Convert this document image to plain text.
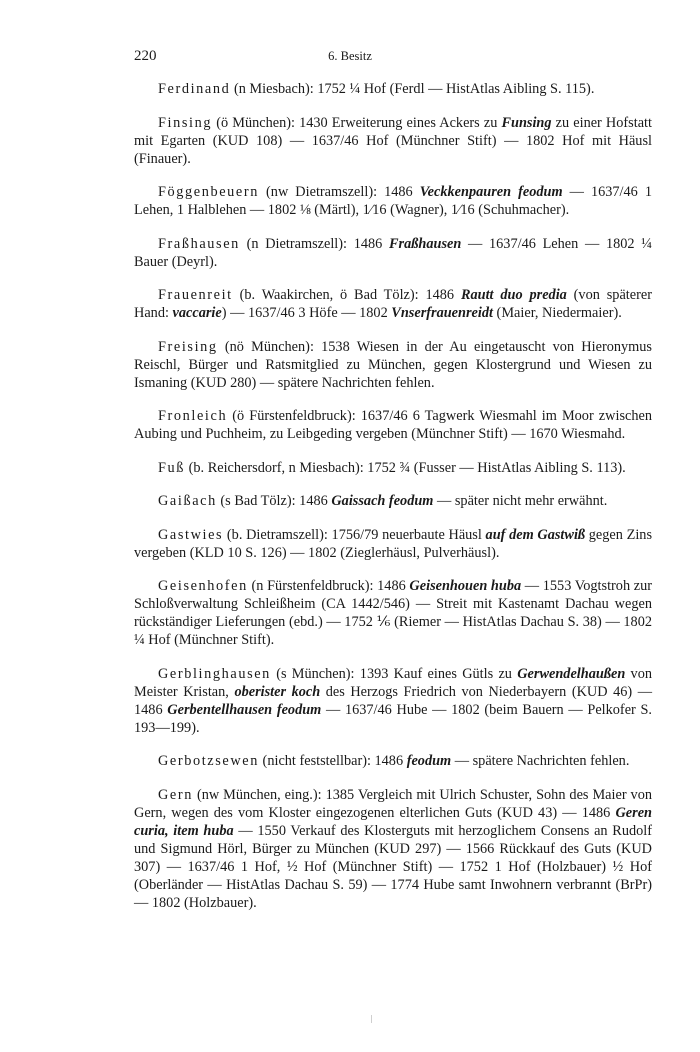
220	6. Besitz

Ferdinand (n Miesbach): 1752 ¼ Hof (Ferdl — HistAtlas Aibling S. 115).

Finsing (ö München): 1430 Erweiterung eines Ackers zu Funsing zu einer Hofstatt mit Egarten (KUD 108) — 1637/46 Hof (Münchner Stift) — 1802 Hof mit Häusl (Finauer).

Föggenbeuern (nw Dietramszell): 1486 Veckkenpauren feodum — 1637/46 1 Lehen, 1 Halblehen — 1802 ⅛ (Märtl), 1⁄16 (Wagner), 1⁄16 (Schuhmacher).

Fraßhausen (n Dietramszell): 1486 Fraßhausen — 1637/46 Lehen — 1802 ¼ Bauer (Deyrl).

Frauenreit (b. Waakirchen, ö Bad Tölz): 1486 Rautt duo predia (von späterer Hand: vaccarie) — 1637/46 3 Höfe — 1802 Vnserfrauenreidt (Maier, Niedermaier).

Freising (nö München): 1538 Wiesen in der Au eingetauscht von Hieronymus Reischl, Bürger und Ratsmitglied zu München, gegen Klostergrund und Wiesen zu Ismaning (KUD 280) — spätere Nachrichten fehlen.

Fronleich (ö Fürstenfeldbruck): 1637/46 6 Tagwerk Wiesmahl im Moor zwischen Aubing und Puchheim, zu Leibgeding vergeben (Münchner Stift) — 1670 Wiesmahd.

Fuß (b. Reichersdorf, n Miesbach): 1752 ¾ (Fusser — HistAtlas Aibling S. 113).

Gaißach (s Bad Tölz): 1486 Gaissach feodum — später nicht mehr erwähnt.

Gastwies (b. Dietramszell): 1756/79 neuerbaute Häusl auf dem Gastwiß gegen Zins vergeben (KLD 10 S. 126) — 1802 (Zieglerhäusl, Pulverhäusl).

Geisenhofen (n Fürstenfeldbruck): 1486 Geisenhouen huba — 1553 Vogtstroh zur Schloßverwaltung Schleißheim (CA 1442/546) — Streit mit Kastenamt Dachau wegen rückständiger Lieferungen (ebd.) — 1752 ⅙ (Riemer — HistAtlas Dachau S. 38) — 1802 ¼ Hof (Münchner Stift).

Gerblinghausen (s München): 1393 Kauf eines Gütls zu Gerwendelhaußen von Meister Kristan, oberister koch des Herzogs Friedrich von Niederbayern (KUD 46) — 1486 Gerbentellhausen feodum — 1637/46 Hube — 1802 (beim Bauern — Pelkofer S. 193—199).

Gerbotzsewen (nicht feststellbar): 1486 feodum — spätere Nachrichten fehlen.

Gern (nw München, eing.): 1385 Vergleich mit Ulrich Schuster, Sohn des Maier von Gern, wegen des vom Kloster eingezogenen elterlichen Guts (KUD 43) — 1486 Geren curia, item huba — 1550 Verkauf des Klosterguts mit herzoglichem Consens an Rudolf und Sigmund Hörl, Bürger zu München (KUD 297) — 1566 Rückkauf des Guts (KUD 307) — 1637/46 1 Hof, ½ Hof (Münchner Stift) — 1752 1 Hof (Holzbauer) ½ Hof (Oberländer — HistAtlas Dachau S. 59) — 1774 Hube samt Inwohnern verbrannt (BrPr) — 1802 (Holzbauer).
